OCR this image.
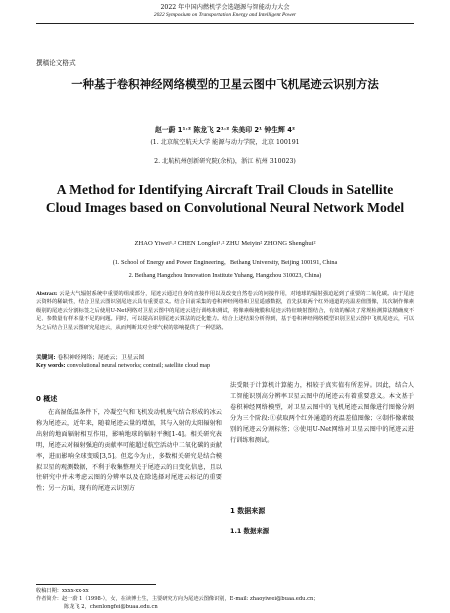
2022 年中国内燃机学会选题源与智能动力大会
2022 Symposium on Transportation Energy and Intelligent Power
撰稿论文格式
一种基于卷积神经网络模型的卫星云图中飞机尾迹云识别方法
赵一蔚 1¹˒² 陈龙飞 2¹˒² 朱美印 2¹ 钟生辉 4²
(1. 北京航空航天大学 能源与动力学院，北京 100191
2. 北航杭州创新研究院(余杭)，浙江 杭州 310023)
A Method for Identifying Aircraft Trail Clouds in Satellite Cloud Images based on Convolutional Neural Network Model
ZHAO Yiwei¹˒² CHEN Longfei¹˒² ZHU Meiyin² ZHONG Shenghui²
(1. School of Energy and Power Engineering，Beihang University, Beijing 100191, China
2. Beihang Hangzhou Innovation Institute Yuhang, Hangzhou 310023, China)
Abstract: 云是大气辐射系统中重要的组成部分，尾迹云通过自身的直接作用以及改变自然卷云的问接作用，对地球的辐射强迫起到了重要的二氧化碳。由于尾迹云资料的稀缺性，结合卫星云图识别尾迹云具有重要意义。结合目前采集的卷积神经网络和卫星遥感数据，首先获取两个红外通道的亮温差值图像，其次制作像素级别的尾迹云分割标签之后使用U-Net网络对卫星云图中的尾迹云进行训练和测试，将像素级掩膜和尾迹云特征映射图结合，有效的解决了常规检测算法精确度不足、参数量有样本量不足的问题。同时，可以提高识别尾迹云算法的泛化能力。结合上述结果分析得到，基于卷积神经网络模型识别卫星云图中飞机尾迹云，可以为之后结合卫星云图研究尾迹云，从而判断其对全球气候的影响提供了一种思路。
关键词: 卷积神经网络；尾迹云；卫星云图
Key words: convolutional neural networks; contrail; satellite cloud map
0 概述
在高湿低温条件下，冷凝空气和飞机发动机废气结合形成的冰云称为尾迹云，近年来，随着尾迹云量的增加，其与入射的太阳辐射和出射的地面辐射相互作用，影响地球的辐射平衡[1-4]。相关研究表明，尾迹云对辐射强迫的贡献率可能超过航空活动中二氧化碳的贡献率，进而影响全球变暖[3,5]。但迄今为止，多数相关研究是结合模拟卫星的观测数据，不利于收集整理关于尾迹云的日变化信息，且以往研究中并未考虑云图的分辨率以及在除选择对尾迹云标记的重要性；另一方面，现有的尾迹云识别方
法受限于计算机计算能力，相较于真实值有所差异。因此，结合人工智能识别高分辨率卫星云图中的尾迹云有着重要意义。本文基于卷积神经网络模型，对卫星云图中的飞机尾迹云图像进行图像分割分为三个阶段:①获取两个红外通道的亮温差值图像；②制作像素级别的尾迹云分割标签；③使用U-Net网络对卫星云图中的尾迹云进行训练和测试。
1 数据来源
1.1 数据来源
收稿日期：xxxx-xx-xx
作者简介：赵一蔚 1（1998-），女，在读博士生，主要研究方向为尾迹云图像识别，E-mail: zhaoyiwei@buaa.edu.cn；
陈龙飞 2，chenlongfei@buaa.edu.cn
